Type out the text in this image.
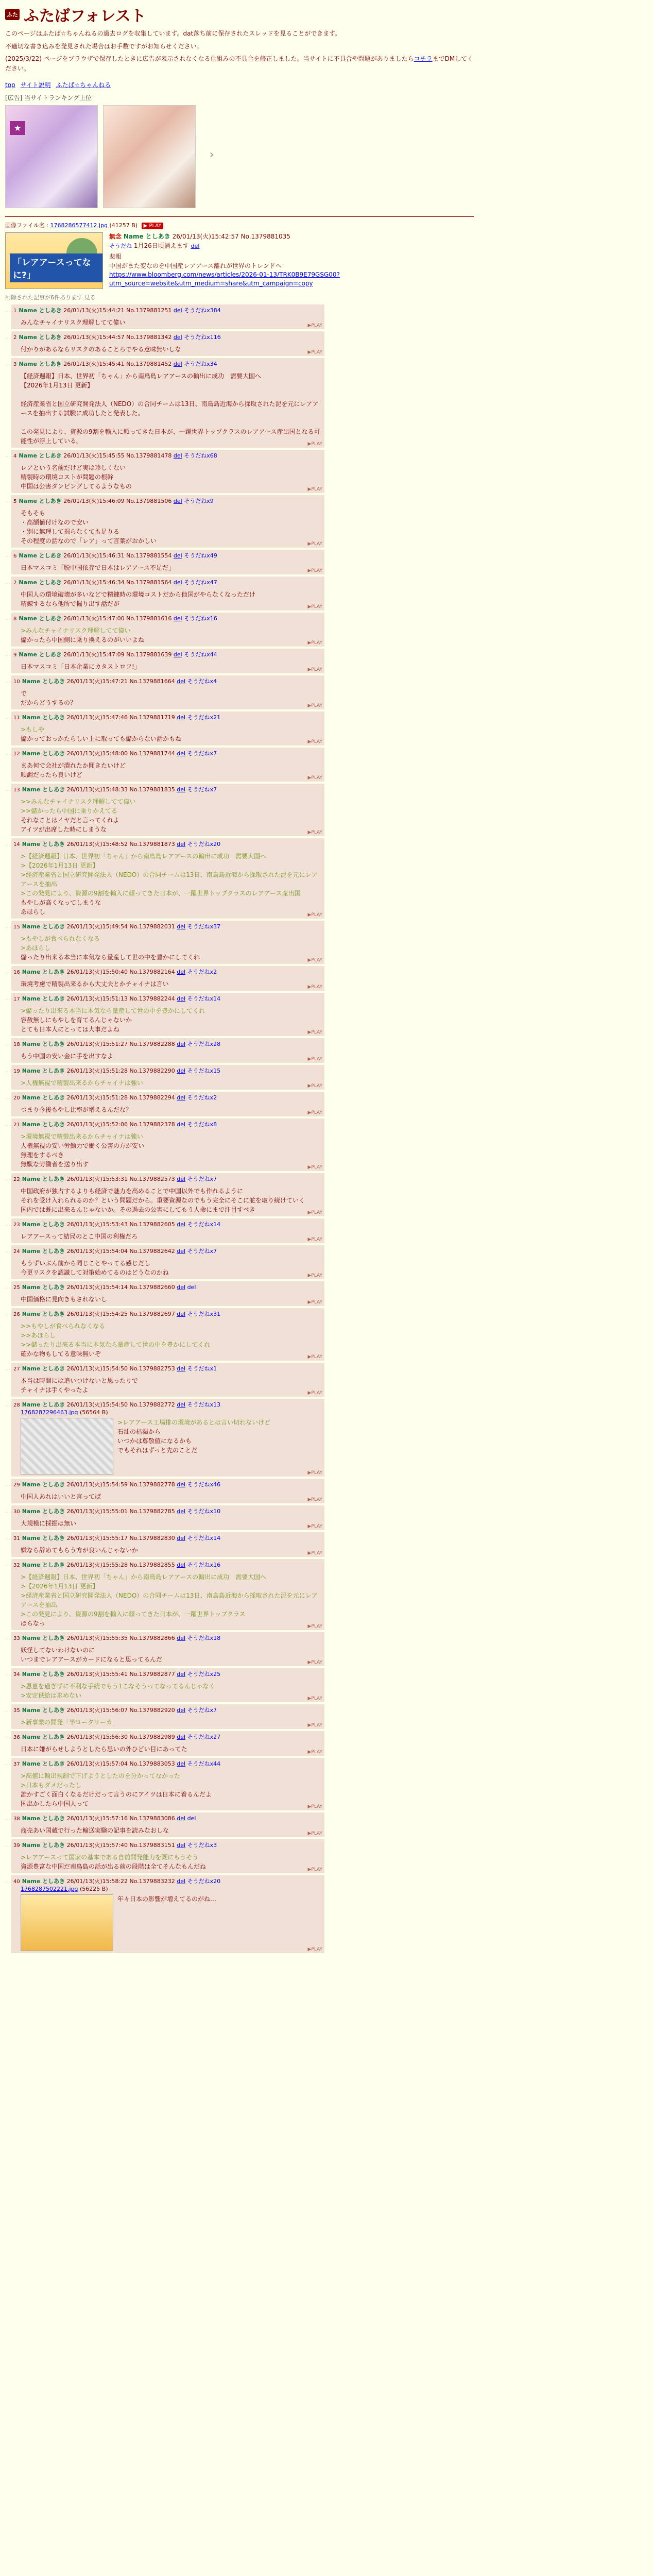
ふた ふたばフォレスト

このページはふたば☆ちゃんねるの過去ログを収集しています。dat落ち前に保存されたスレッドを見ることができます。

不適切な書き込みを発見された場合はお手数ですがお知らせください。

(2025/3/22) ページをブラウザで保存したときに広告が表示されなくなる仕組みの不具合を修正しました。当サイトに不具合や問題がありましたらコチラまでDMしてください。

top サイト説明 ふたば☆ちゃんねる
[広告] 当サイトランキング上位
★
›
画像ファイル名 : 1768286577412.jpg (41257 B) ▶ PLAY
「レアアースってなに?」
無念 Name としあき 26/01/13(火)15:42:57 No.1379881035
そうだね 1月26日頃消えます del
悲報
中国がまた変なのを中国産レアアース離れが世界のトレンドへ
https://www.bloomberg.com/news/articles/2026-01-13/TRK0B9E79GSG00?utm_source=website&utm_medium=share&utm_campaign=copy
削除された記事が6件あります.見る
… 1 Name としあき 26/01/13(火)15:44:21 No.1379881251 del そうだねx384
みんなチャイナリスク理解してて偉い	▶PLAY
… 2 Name としあき 26/01/13(火)15:44:57 No.1379881342 del そうだねx116
付かりがあるならリスクのあることろでやる意味無いしな	▶PLAY
… 3 Name としあき 26/01/13(火)15:45:41 No.1379881452 del そうだねx34
【経済週報】日本、世界初「ちゃん」から南鳥島レアアースの輸出に成功　需要大国へ
【2026年1月13日 更新】

経済産業省と国立研究開発法人（NEDO）の合同チームは13日、南鳥島近海から採取された泥を元にレアアースを抽出する試験に成功したと発表した。

この発見により、資源の9割を輸入に頼ってきた日本が、一躍世界トップクラスのレアアース産出国となる可能性が浮上している。	▶PLAY
… 4 Name としあき 26/01/13(火)15:45:55 No.1379881478 del そうだねx68
レアという名前だけど実は珍しくない
精製時の環境コストが問題の根幹
中国は公害ダンピングしてるようなもの	▶PLAY
… 5 Name としあき 26/01/13(火)15:46:09 No.1379881506 del そうだねx9
そもそも
・高額値付けなので安い
・別に無理して掘らなくても足りる
その程度の話なので「レア」って言葉がおかしい	▶PLAY
… 6 Name としあき 26/01/13(火)15:46:31 No.1379881554 del そうだねx49
日本マスコミ「脱中国依存で日本はレアアース不足だ」	▶PLAY
… 7 Name としあき 26/01/13(火)15:46:34 No.1379881564 del そうだねx47
中国人の環境破壊が多いなどで精錬時の環境コストだから他国がやらなくなっただけ
精錬するなら他所で掘り出す話だが	▶PLAY
… 8 Name としあき 26/01/13(火)15:47:00 No.1379881616 del そうだねx16
>みんなチャイナリスク理解してて偉い
儲かったら中国側に乗り換えるのがいいよね	▶PLAY
… 9 Name としあき 26/01/13(火)15:47:09 No.1379881639 del そうだねx44
日本マスコミ「日本企業にカタストロフ!」	▶PLAY
… 10 Name としあき 26/01/13(火)15:47:21 No.1379881664 del そうだねx4
で
だからどうするの？	▶PLAY
… 11 Name としあき 26/01/13(火)15:47:46 No.1379881719 del そうだねx21
>もしや
儲かっておっかたらしい上に取っても儲からない話かもね	▶PLAY
… 12 Name としあき 26/01/13(火)15:48:00 No.1379881744 del そうだねx7
まあ何で会社が潰れたか聞きたいけど
順調だったら良いけど	▶PLAY
… 13 Name としあき 26/01/13(火)15:48:33 No.1379881835 del そうだねx7
>>みんなチャイナリスク理解してて偉い
>>儲かったら中国に乗りかえてる
それなことはイヤだと言ってくれよ
アイツが出席した時にしまうな	▶PLAY
… 14 Name としあき 26/01/13(火)15:48:52 No.1379881873 del そうだねx20
>【経済週報】日本、世界初「ちゃん」から南鳥島レアアースの輸出に成功　需要大国へ
>【2026年1月13日 更新】
>経済産業省と国立研究開発法人（NEDO）の合同チームは13日、南鳥島近海から採取された泥を元にレアアースを抽出
>この発見により、資源の9割を輸入に頼ってきた日本が、一躍世界トップクラスのレアアース産出国
もやしが高くなってしまうな
あほらし	▶PLAY
… 15 Name としあき 26/01/13(火)15:49:54 No.1379882031 del そうだねx37
>もやしが食べられなくなる
>あほらし
儲ったり出来る本当に本気なら量産して世の中を豊かにしてくれ	▶PLAY
… 16 Name としあき 26/01/13(火)15:50:40 No.1379882164 del そうだねx2
環境考慮で精製出来るから大丈夫とかチャイナは言い	▶PLAY
… 17 Name としあき 26/01/13(火)15:51:13 No.1379882244 del そうだねx14
>儲ったり出来る本当に本気なら量産して世の中を豊かにしてくれ
容赦無しにもやしを育てるんじゃないか
とても日本人にとっては大事だよね	▶PLAY
… 18 Name としあき 26/01/13(火)15:51:27 No.1379882288 del そうだねx28
もう中国の安い金に手を出すなよ	▶PLAY
… 19 Name としあき 26/01/13(火)15:51:28 No.1379882290 del そうだねx15
>人権無視で精製出来るからチャイナは強い	▶PLAY
… 20 Name としあき 26/01/13(火)15:51:28 No.1379882294 del そうだねx2
つまり今後もやし比率が増えるんだな？	▶PLAY
… 21 Name としあき 26/01/13(火)15:52:06 No.1379882378 del そうだねx8
>環境無視で精製出来るからチャイナは強い
人権無視の安い労働力で働く公害の方が安い
無理をするべき
無駄な労働者を送り出す	▶PLAY
… 22 Name としあき 26/01/13(火)15:53:31 No.1379882573 del そうだねx7
中国政府が独占するよりも経済で魅力を高めることで中国以外でも作れるように
それを受け入れられるのか？という問題だから。重要資源なのでもう完全にそこに舵を取り続けていく
国内では既に出来るんじゃないか。その過去の公害にしてもう人命にまで注目すべき	▶PLAY
… 23 Name としあき 26/01/13(火)15:53:43 No.1379882605 del そうだねx14
レアアースって結局のとこ中国の利権だろ	▶PLAY
… 24 Name としあき 26/01/13(火)15:54:04 No.1379882642 del そうだねx7
もうずいぶん前から同じことやってる感じだし
今更リスクを認識して対策始めてるのはどうなのかね	▶PLAY
… 25 Name としあき 26/01/13(火)15:54:14 No.1379882660 del del
中国価格に見向きもされないし	▶PLAY
… 26 Name としあき 26/01/13(火)15:54:25 No.1379882697 del そうだねx31
>>もやしが食べられなくなる
>>あほらし
>>儲ったり出来る本当に本気なら量産して世の中を豊かにしてくれ
確かな物もしてる意味無いぞ	▶PLAY
… 27 Name としあき 26/01/13(火)15:54:50 No.1379882753 del そうだねx1
本当は時間には追いつけないと思ったりで
チャイナは手くやったよ	▶PLAY
… 28 Name としあき 26/01/13(火)15:54:50 No.1379882772 del そうだねx13
1768287296463.jpg (56564 B)
>レアアース工場排の環境があるとは言い切れないけど
石油の枯渇から
いつかは尊敬値になるかも
でもそれはずっと先のことだ
▶PLAY
… 29 Name としあき 26/01/13(火)15:54:59 No.1379882778 del そうだねx46
中国人あれはいいと言ってば	▶PLAY
… 30 Name としあき 26/01/13(火)15:55:01 No.1379882785 del そうだねx10
大規模に採掘は無い	▶PLAY
… 31 Name としあき 26/01/13(火)15:55:17 No.1379882830 del そうだねx14
嫌なら辞めてもらう方が良いんじゃないか	▶PLAY
… 32 Name としあき 26/01/13(火)15:55:28 No.1379882855 del そうだねx16
>【経済週報】日本、世界初「ちゃん」から南鳥島レアアースの輸出に成功　需要大国へ
>【2026年1月13日 更新】
>経済産業省と国立研究開発法人（NEDO）の合同チームは13日、南鳥島近海から採取された泥を元にレアアースを抽出
>この発見により、資源の9割を輸入に頼ってきた日本が、一躍世界トップクラス
ほらなっ	▶PLAY
… 33 Name としあき 26/01/13(火)15:55:35 No.1379882866 del そうだねx18
妖怪してないわけないのに
いつまでレアアースがカードになると思ってるんだ	▶PLAY
… 34 Name としあき 26/01/13(火)15:55:41 No.1379882877 del そうだねx25
>恩恵を過ぎずに不利な手続でもう1こなそうってなってるんじゃなく
>安定供給は求めない	▶PLAY
… 35 Name としあき 26/01/13(火)15:56:07 No.1379882920 del そうだねx7
>新事業の開発「半ロータリーカ」	▶PLAY
… 36 Name としあき 26/01/13(火)15:56:30 No.1379882989 del そうだねx27
日本に嫌がらせしようとしたら思いの外ひどい目にあってた	▶PLAY
… 37 Name としあき 26/01/13(火)15:57:04 No.1379883053 del そうだねx44
>高値に輸出規制で下げようとしたのを分かってなかった
>日本もダメだったし
誰かすごく面白くなるだけだって言うのにアイツは日本に着るんだよ
国出かしたら中国人って	▶PLAY
… 38 Name としあき 26/01/13(火)15:57:16 No.1379883086 del del
商売あい国蔵で行った輸送実験の記事を読みなおしな	▶PLAY
… 39 Name としあき 26/01/13(火)15:57:40 No.1379883151 del そうだねx3
>レアアースって国家の基本である自前開発能力を既にもうそう
資源豊富な中国だ南鳥島の話が出る前の段階は全てそんなもんだね	▶PLAY
… 40 Name としあき 26/01/13(火)15:58:22 No.1379883232 del そうだねx20
1768287502221.jpg (56225 B)
年々日本の影響が増えてるのがね…
▶PLAY
